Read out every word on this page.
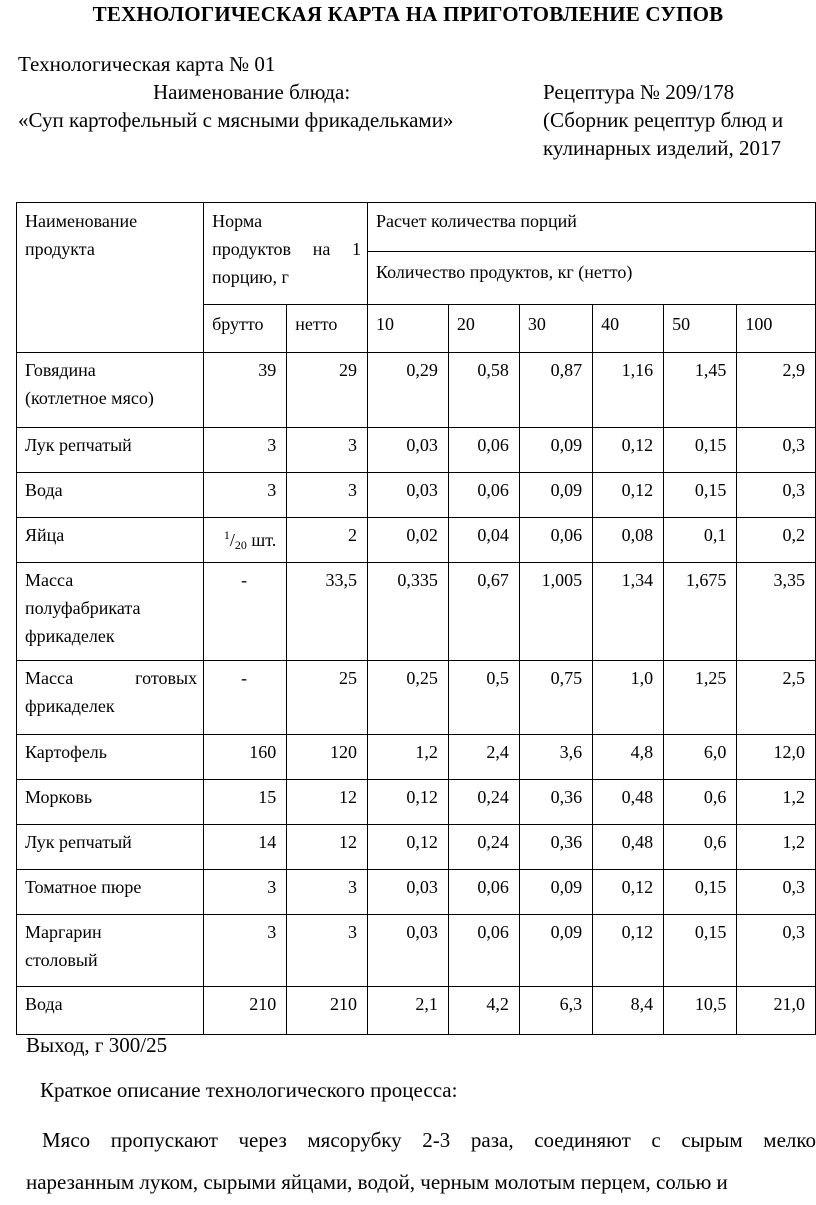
ТЕХНОЛОГИЧЕСКАЯ КАРТА НА ПРИГОТОВЛЕНИЕ СУПОВ
Технологическая карта № 01
Наименование блюда:
«Суп картофельный с мясными фрикадельками»
Рецептура № 209/178
(Сборник рецептур блюд и
кулинарных изделий, 2017
Наименование продукта	Норма
продуктов на 1
порцию, г		Расчет количества порций					
			Количество продуктов, кг (нетто)					
	брутто	нетто	10	20	30	40	50	100

Говядина
(котлетное мясо)	39	29	0,29	0,58	0,87	1,16	1,45	2,9
Лук репчатый	3	3	0,03	0,06	0,09	0,12	0,15	0,3
Вода	3	3	0,03	0,06	0,09	0,12	0,15	0,3
Яйца	$^1/_{20}$ шт.	2	0,02	0,04	0,06	0,08	0,1	0,2

Масса
полуфабриката
фрикаделек	-	33,5	0,335	0,67	1,005	1,34	1,675	3,35

Масса готовых
фрикаделек	-	25	0,25	0,5	0,75	1,0	1,25	2,5
Картофель	160	120	1,2	2,4	3,6	4,8	6,0	12,0
Морковь	15	12	0,12	0,24	0,36	0,48	0,6	1,2
Лук репчатый	14	12	0,12	0,24	0,36	0,48	0,6	1,2
Томатное пюре	3	3	0,03	0,06	0,09	0,12	0,15	0,3

Маргарин
столовый	3	3	0,03	0,06	0,09	0,12	0,15	0,3
Вода	210	210	2,1	4,2	6,3	8,4	10,5	21,0
Выход, г 300/25
Краткое описание технологического процесса:
Мясо пропускают через мясорубку 2-3 раза, соединяют с сырым мелко
нарезанным луком, сырыми яйцами, водой, черным молотым перцем, солью и
